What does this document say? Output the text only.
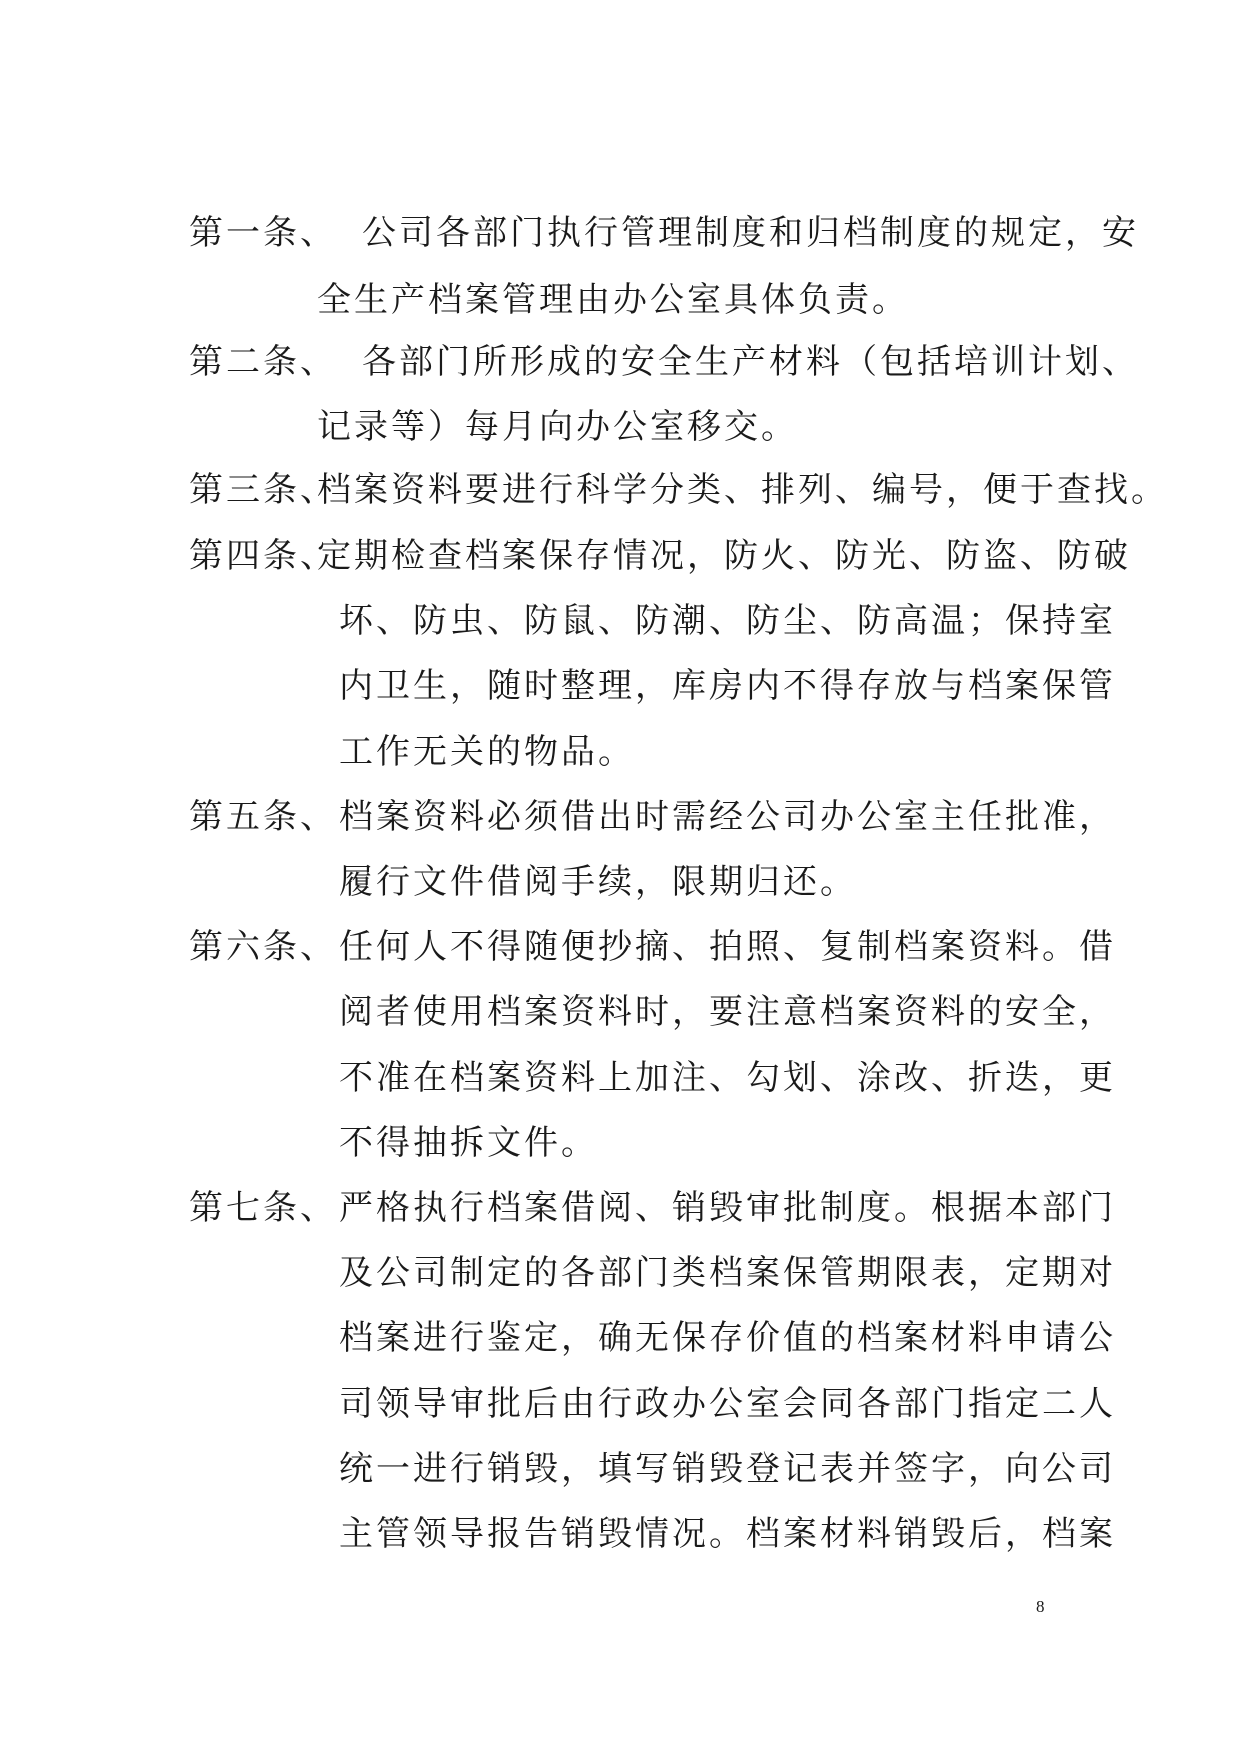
第一条、 公司各部门执行管理制度和归档制度的规定，安
全生产档案管理由办公室具体负责。
第二条、 各部门所形成的安全生产材料（包括培训计划、
记录等）每月向办公室移交。
第三条、
档案资料要进行科学分类、排列、编号，便于查找。
第四条、
定期检查档案保存情况，防火、防光、防盗、防破
坏、防虫、防鼠、防潮、防尘、防高温；保持室
内卫生，随时整理，库房内不得存放与档案保管
工作无关的物品。
第五条、 档案资料必须借出时需经公司办公室主任批准，
履行文件借阅手续，限期归还。
第六条、 任何人不得随便抄摘、拍照、复制档案资料。借
阅者使用档案资料时，要注意档案资料的安全，
不准在档案资料上加注、勾划、涂改、折迭，更
不得抽拆文件。
第七条、 严格执行档案借阅、销毁审批制度。根据本部门
及公司制定的各部门类档案保管期限表，定期对
档案进行鉴定，确无保存价值的档案材料申请公
司领导审批后由行政办公室会同各部门指定二人
统一进行销毁，填写销毁登记表并签字，向公司
主管领导报告销毁情况。档案材料销毁后，档案
8
